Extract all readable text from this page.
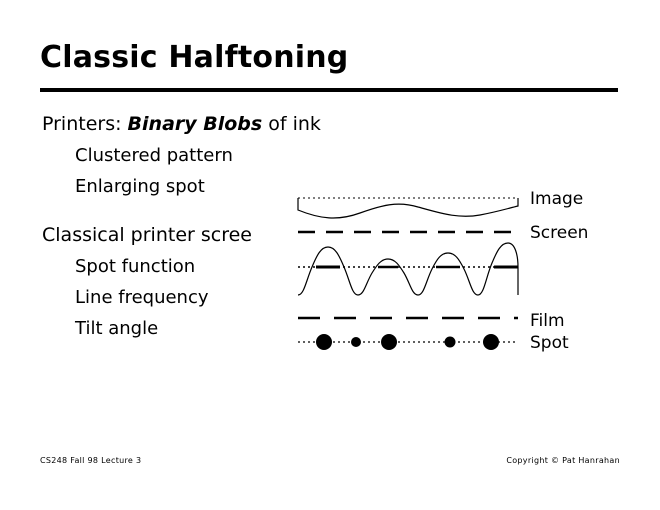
Classic Halftoning
Printers: Binary Blobs of ink
Clustered pattern
Enlarging spot
Classical printer scree
Spot function
Line frequency
Tilt angle
Image
Screen
Film
Spot
CS248 Fall 98 Lecture 3	Copyright © Pat Hanrahan
